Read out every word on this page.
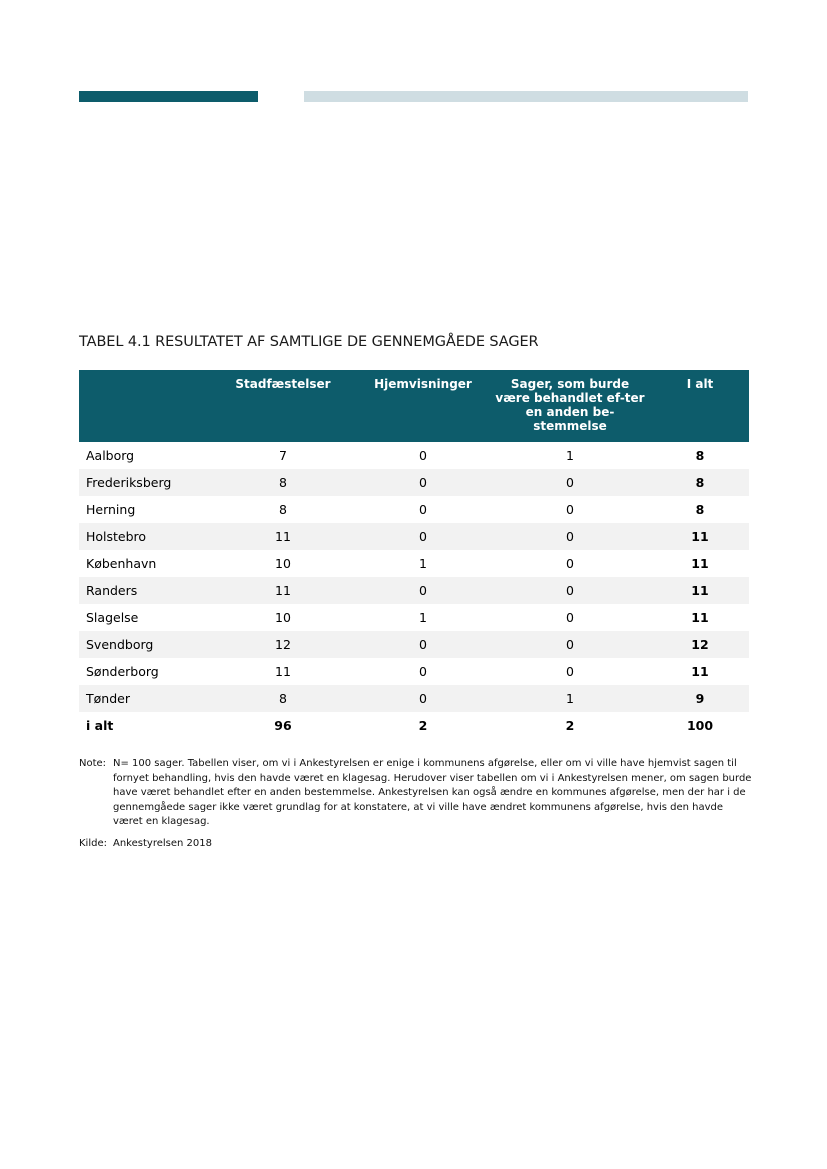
TABEL 4.1 RESULTATET AF SAMTLIGE DE GENNEMGÅEDE SAGER
	Stadfæstelser	Hjemvisninger	Sager, som burde være behandlet ef-ter en anden be-stemmelse	I alt
Aalborg	7	0	1	8
Frederiksberg	8	0	0	8
Herning	8	0	0	8
Holstebro	11	0	0	11
København	10	1	0	11
Randers	11	0	0	11
Slagelse	10	1	0	11
Svendborg	12	0	0	12
Sønderborg	11	0	0	11
Tønder	8	0	1	9
i alt	96	2	2	100
Note: N= 100 sager. Tabellen viser, om vi i Ankestyrelsen er enige i kommunens afgørelse, eller om vi ville have hjemvist sagen til fornyet behandling, hvis den havde været en klagesag. Herudover viser tabellen om vi i Ankestyrelsen mener, om sagen burde have været behandlet efter en anden bestemmelse. Ankestyrelsen kan også ændre en kommunes afgørelse, men der har i de gennemgåede sager ikke været grundlag for at konstatere, at vi ville have ændret kommunens afgørelse, hvis den havde været en klagesag.
Kilde: Ankestyrelsen 2018
